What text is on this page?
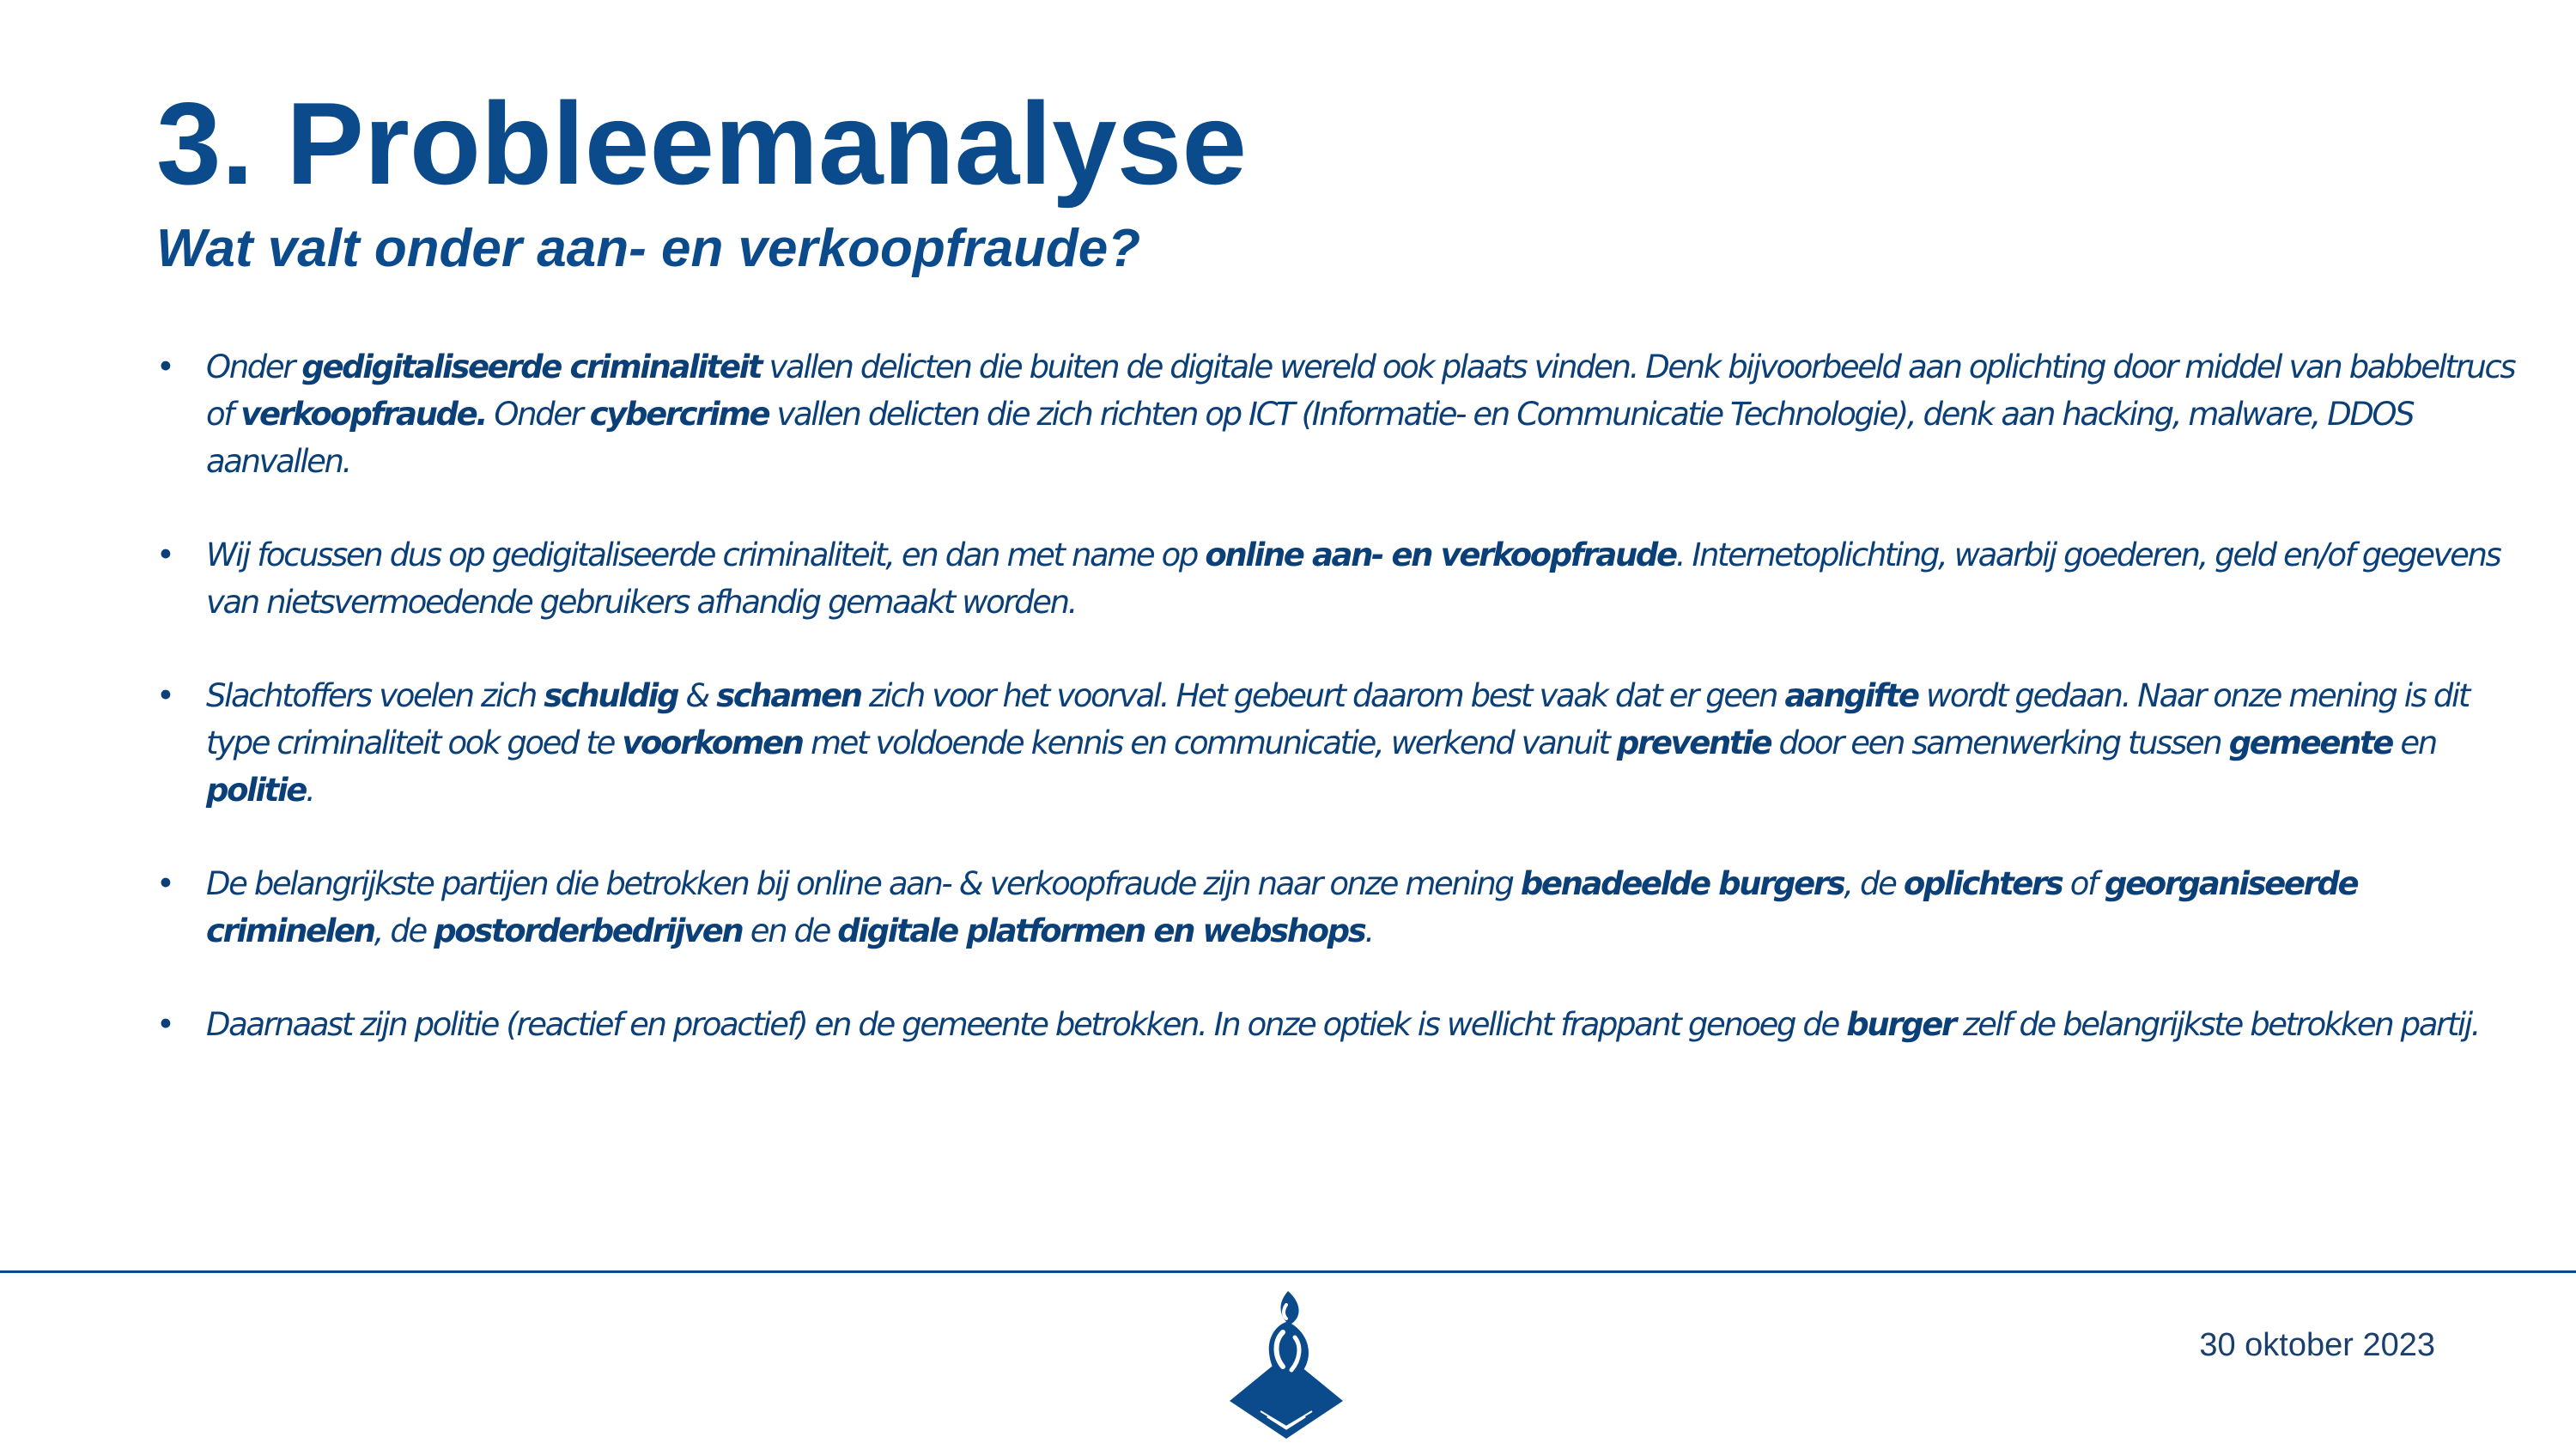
3. Probleemanalyse
Wat valt onder aan- en verkoopfraude?
• Onder gedigitaliseerde criminaliteit vallen delicten die buiten de digitale wereld ook plaats vinden. Denk bijvoorbeeld aan oplichting door middel van babbeltrucs of verkoopfraude. Onder cybercrime vallen delicten die zich richten op ICT (Informatie- en Communicatie Technologie), denk aan hacking, malware, DDOS aanvallen.
• Wij focussen dus op gedigitaliseerde criminaliteit, en dan met name op online aan- en verkoopfraude. Internetoplichting, waarbij goederen, geld en/of gegevens van nietsvermoedende gebruikers afhandig gemaakt worden.
• Slachtoffers voelen zich schuldig & schamen zich voor het voorval. Het gebeurt daarom best vaak dat er geen aangifte wordt gedaan. Naar onze mening is dit type criminaliteit ook goed te voorkomen met voldoende kennis en communicatie, werkend vanuit preventie door een samenwerking tussen gemeente en politie.
• De belangrijkste partijen die betrokken bij online aan- & verkoopfraude zijn naar onze mening benadeelde burgers, de oplichters of georganiseerde criminelen, de postorderbedrijven en de digitale platformen en webshops.
• Daarnaast zijn politie (reactief en proactief) en de gemeente betrokken. In onze optiek is wellicht frappant genoeg de burger zelf de belangrijkste betrokken partij.
30 oktober 2023
